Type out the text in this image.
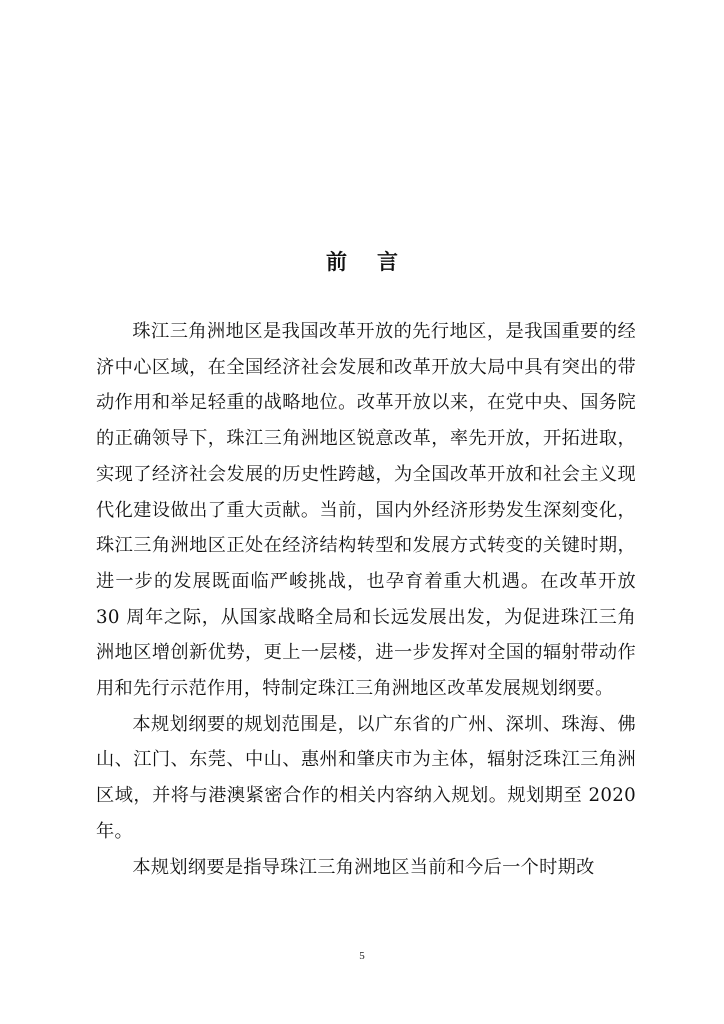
前 言

珠江三角洲地区是我国改革开放的先行地区，是我国重要的经济中心区域，在全国经济社会发展和改革开放大局中具有突出的带动作用和举足轻重的战略地位。改革开放以来，在党中央、国务院的正确领导下，珠江三角洲地区锐意改革，率先开放，开拓进取，实现了经济社会发展的历史性跨越，为全国改革开放和社会主义现代化建设做出了重大贡献。当前，国内外经济形势发生深刻变化，珠江三角洲地区正处在经济结构转型和发展方式转变的关键时期，进一步的发展既面临严峻挑战，也孕育着重大机遇。在改革开放 30 周年之际，从国家战略全局和长远发展出发，为促进珠江三角洲地区增创新优势，更上一层楼，进一步发挥对全国的辐射带动作用和先行示范作用，特制定珠江三角洲地区改革发展规划纲要。

本规划纲要的规划范围是，以广东省的广州、深圳、珠海、佛山、江门、东莞、中山、惠州和肇庆市为主体，辐射泛珠江三角洲区域，并将与港澳紧密合作的相关内容纳入规划。规划期至 2020 年。

本规划纲要是指导珠江三角洲地区当前和今后一个时期改

5
